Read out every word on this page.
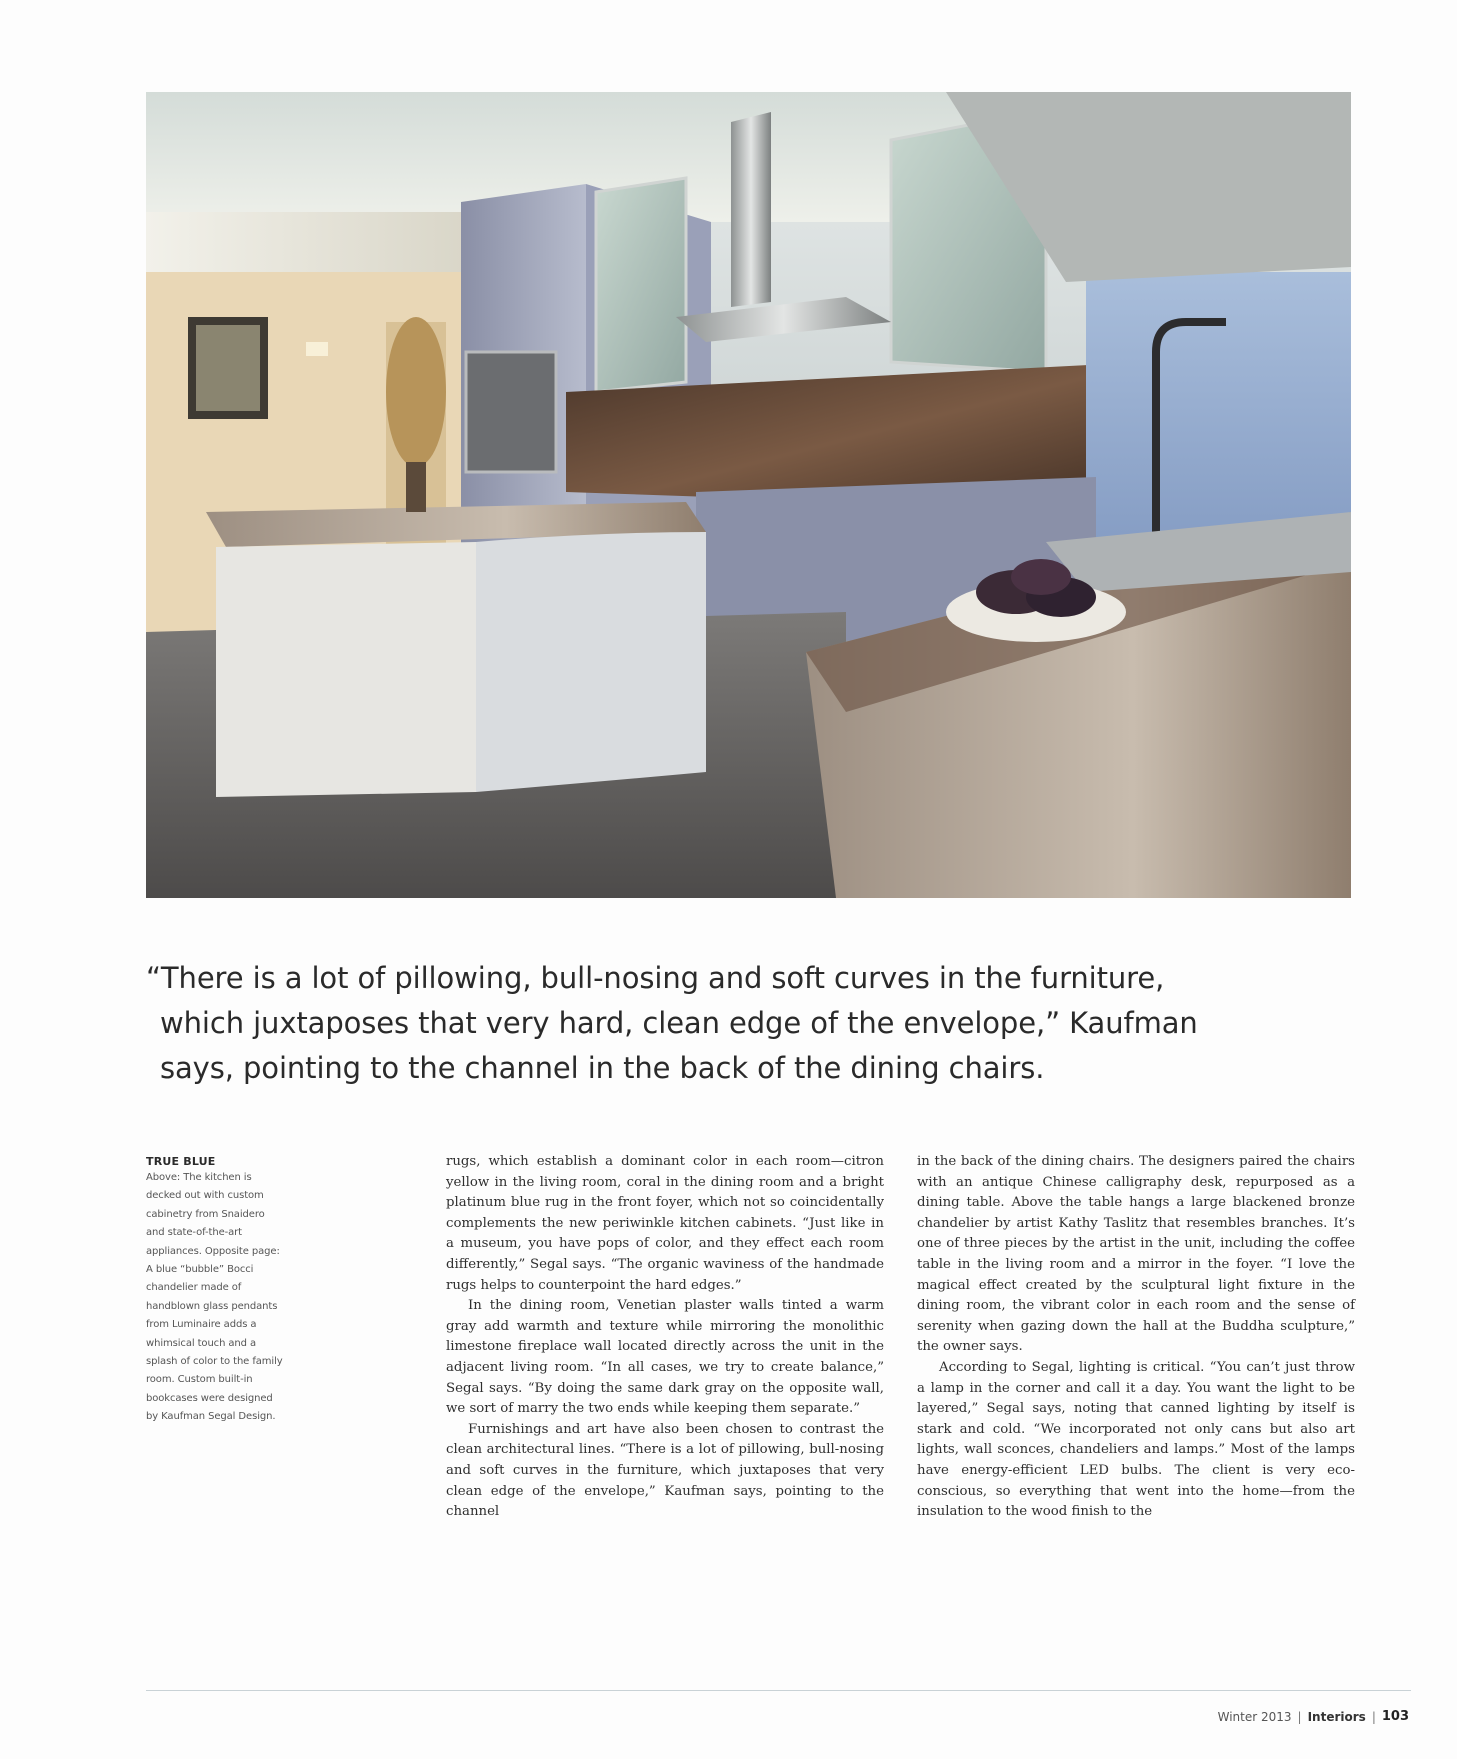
“There is a lot of pillowing, bull-nosing and soft curves in the furniture,
which juxtaposes that very hard, clean edge of the envelope,” Kaufman
says, pointing to the channel in the back of the dining chairs.
TRUE BLUE
Above: The kitchen is decked out with custom cabinetry from Snaidero and state-of-the-art appliances. Opposite page: A blue “bubble” Bocci chandelier made of handblown glass pendants from Luminaire adds a whimsical touch and a splash of color to the family room. Custom built-in bookcases were designed by Kaufman Segal Design.

rugs, which establish a dominant color in each room—citron yellow in the living room, coral in the dining room and a bright platinum blue rug in the front foyer, which not so coincidentally complements the new periwinkle kitchen cabinets. “Just like in a museum, you have pops of color, and they effect each room differently,” Segal says. “The organic waviness of the handmade rugs helps to counterpoint the hard edges.”

In the dining room, Venetian plaster walls tinted a warm gray add warmth and texture while mirroring the monolithic limestone fireplace wall located directly across the unit in the adjacent living room. “In all cases, we try to create balance,” Segal says. “By doing the same dark gray on the opposite wall, we sort of marry the two ends while keeping them separate.”

Furnishings and art have also been chosen to contrast the clean architectural lines. “There is a lot of pillowing, bull-nosing and soft curves in the furniture, which juxtaposes that very clean edge of the envelope,” Kaufman says, pointing to the channel

in the back of the dining chairs. The designers paired the chairs with an antique Chinese calligraphy desk, repurposed as a dining table. Above the table hangs a large blackened bronze chandelier by artist Kathy Taslitz that resembles branches. It’s one of three pieces by the artist in the unit, including the coffee table in the living room and a mirror in the foyer. “I love the magical effect created by the sculptural light fixture in the dining room, the vibrant color in each room and the sense of serenity when gazing down the hall at the Buddha sculpture,” the owner says.

According to Segal, lighting is critical. “You can’t just throw a lamp in the corner and call it a day. You want the light to be layered,” Segal says, noting that canned lighting by itself is stark and cold. “We incorporated not only cans but also art lights, wall sconces, chandeliers and lamps.” Most of the lamps have energy-efficient LED bulbs. The client is very eco-conscious, so everything that went into the home—from the insulation to the wood finish to the

Winter 2013 | Interiors | 103
